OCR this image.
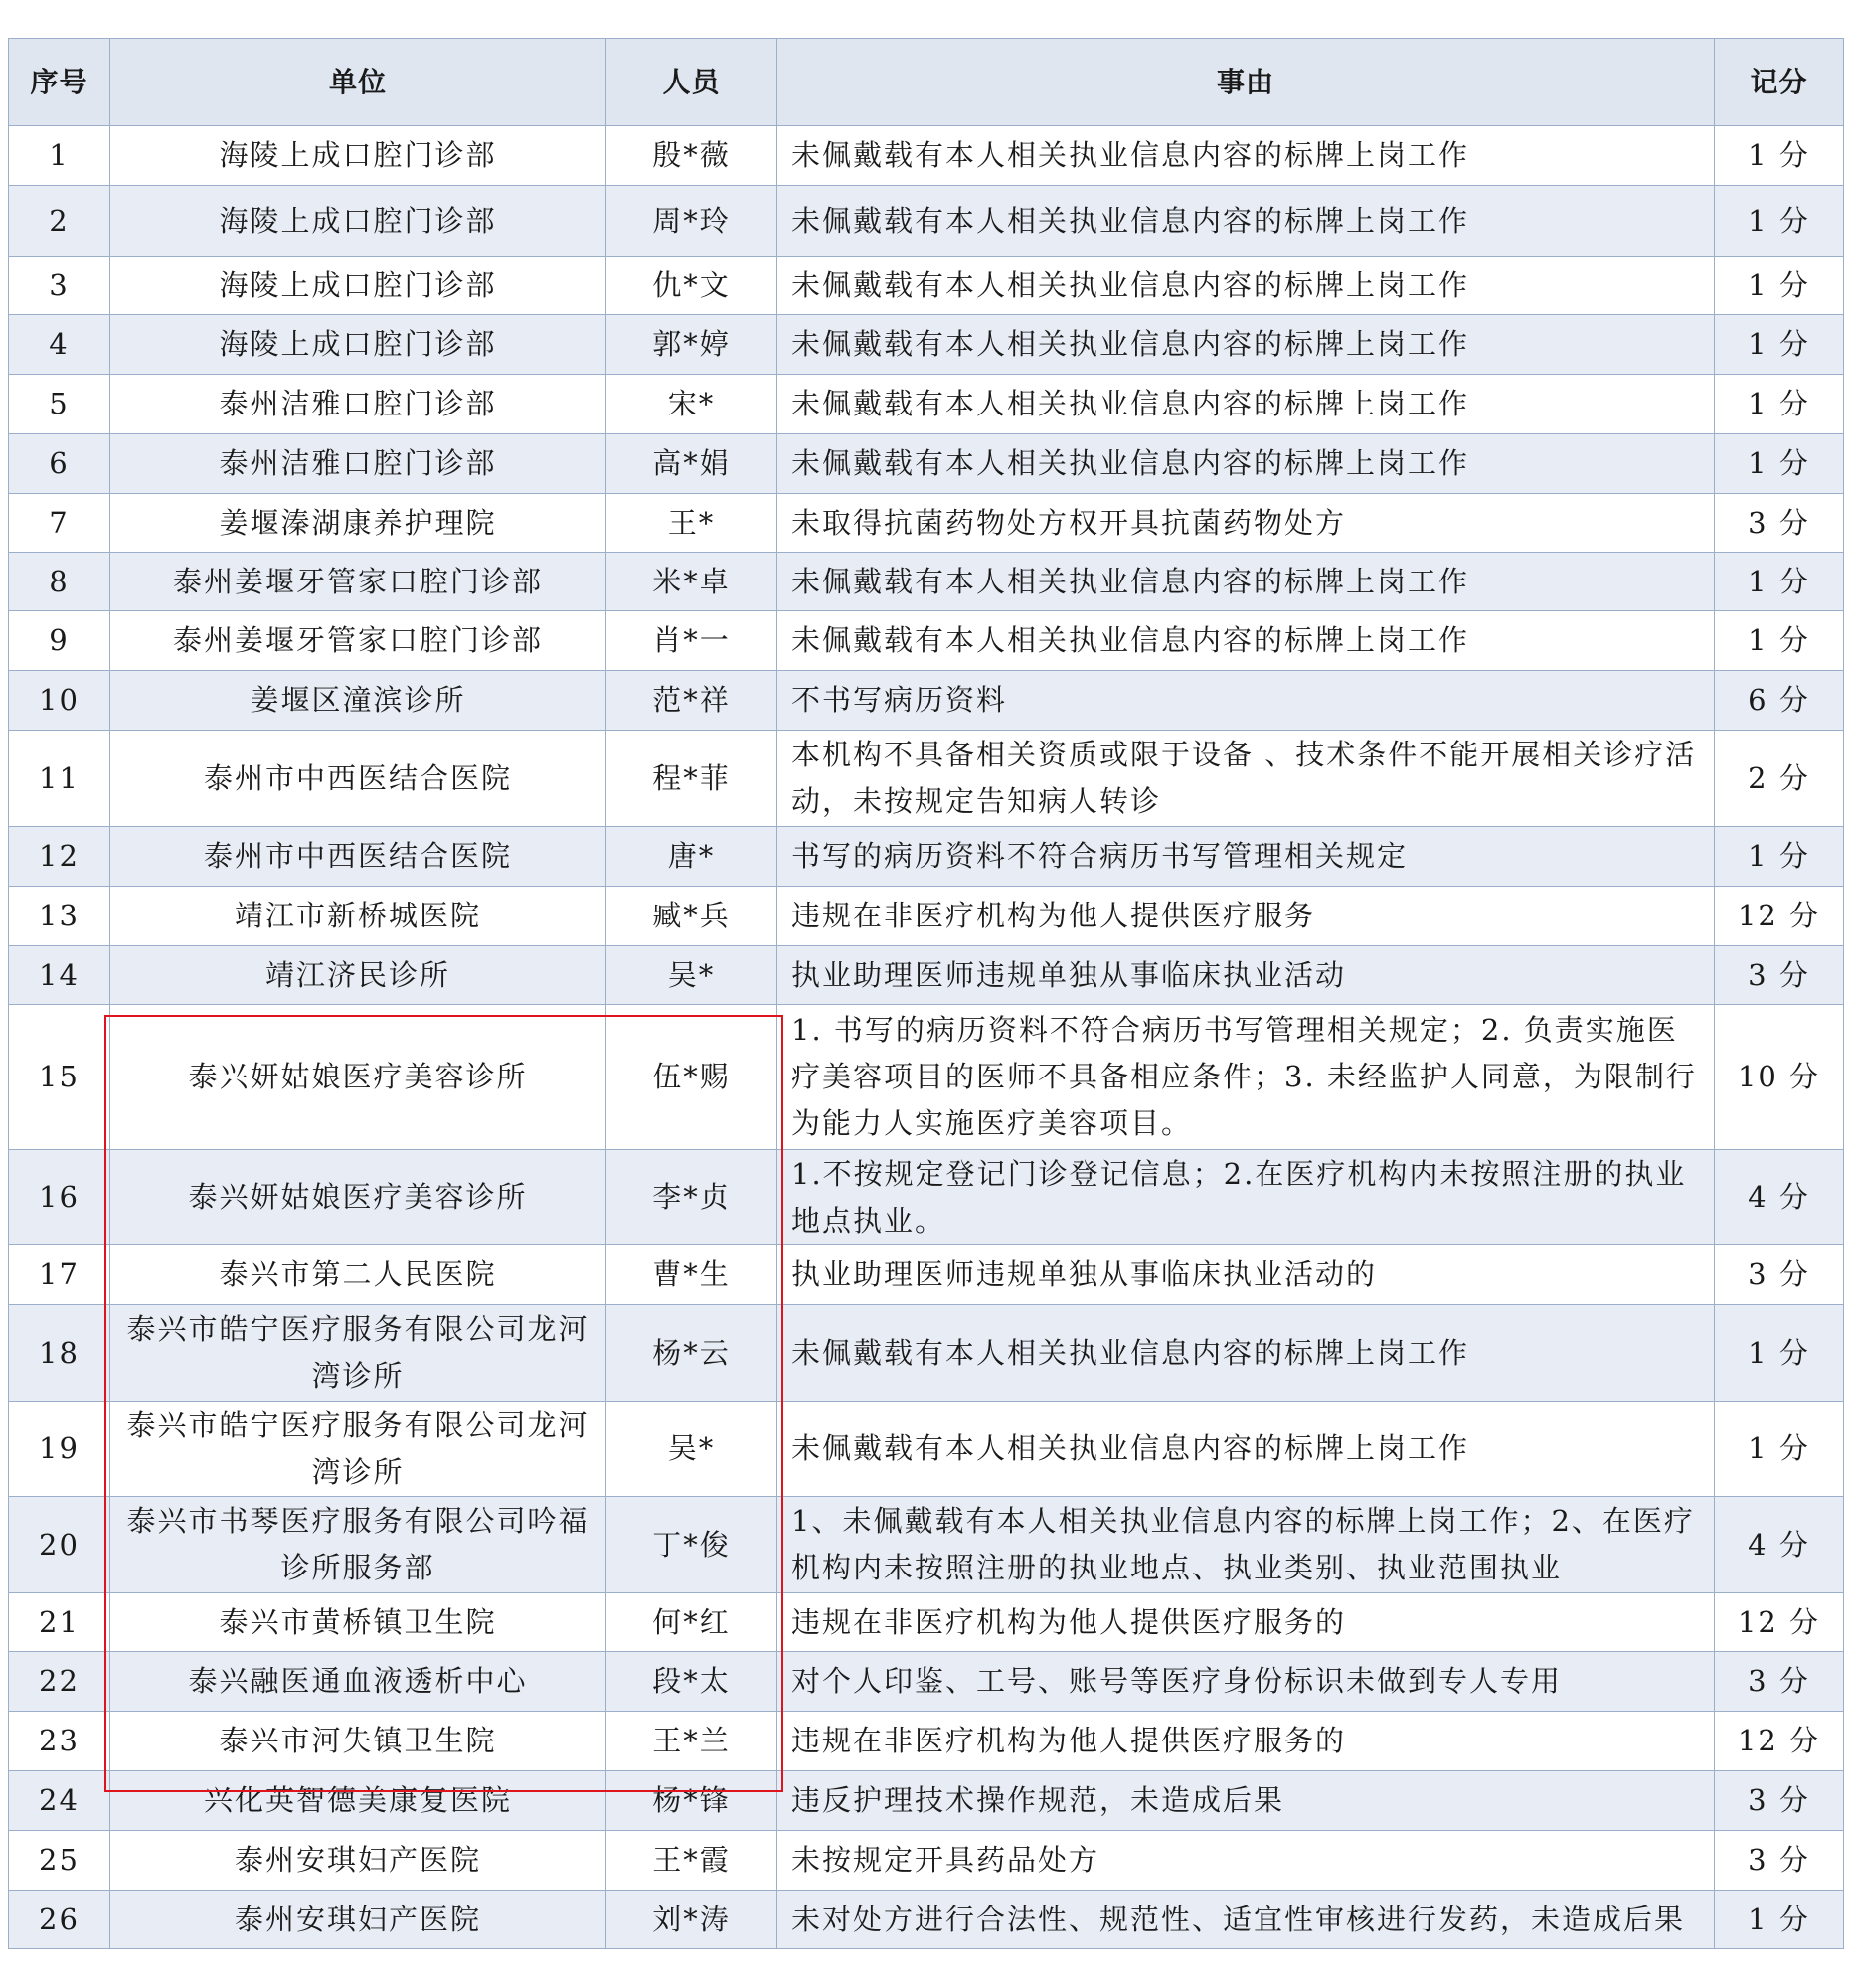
序号	单位	人员	事由	记分
1	海陵上成口腔门诊部	殷*薇	未佩戴载有本人相关执业信息内容的标牌上岗工作	1 分
2	海陵上成口腔门诊部	周*玲	未佩戴载有本人相关执业信息内容的标牌上岗工作	1 分
3	海陵上成口腔门诊部	仇*文	未佩戴载有本人相关执业信息内容的标牌上岗工作	1 分
4	海陵上成口腔门诊部	郭*婷	未佩戴载有本人相关执业信息内容的标牌上岗工作	1 分
5	泰州洁雅口腔门诊部	宋*	未佩戴载有本人相关执业信息内容的标牌上岗工作	1 分
6	泰州洁雅口腔门诊部	高*娟	未佩戴载有本人相关执业信息内容的标牌上岗工作	1 分
7	姜堰溱湖康养护理院	王*	未取得抗菌药物处方权开具抗菌药物处方	3 分
8	泰州姜堰牙管家口腔门诊部	米*卓	未佩戴载有本人相关执业信息内容的标牌上岗工作	1 分
9	泰州姜堰牙管家口腔门诊部	肖*一	未佩戴载有本人相关执业信息内容的标牌上岗工作	1 分
10	姜堰区潼滨诊所	范*祥	不书写病历资料	6 分
11	泰州市中西医结合医院	程*菲	本机构不具备相关资质或限于设备 、技术条件不能开展相关诊疗活动，未按规定告知病人转诊	2 分
12	泰州市中西医结合医院	唐*	书写的病历资料不符合病历书写管理相关规定	1 分
13	靖江市新桥城医院	臧*兵	违规在非医疗机构为他人提供医疗服务	12 分
14	靖江济民诊所	吴*	执业助理医师违规单独从事临床执业活动	3 分
15	泰兴妍姑娘医疗美容诊所	伍*赐	1. 书写的病历资料不符合病历书写管理相关规定；2. 负责实施医疗美容项目的医师不具备相应条件；3. 未经监护人同意，为限制行为能力人实施医疗美容项目。	10 分
16	泰兴妍姑娘医疗美容诊所	李*贞	1.不按规定登记门诊登记信息；2.在医疗机构内未按照注册的执业地点执业。	4 分
17	泰兴市第二人民医院	曹*生	执业助理医师违规单独从事临床执业活动的	3 分
18	泰兴市皓宁医疗服务有限公司龙河湾诊所	杨*云	未佩戴载有本人相关执业信息内容的标牌上岗工作	1 分
19	泰兴市皓宁医疗服务有限公司龙河湾诊所	吴*	未佩戴载有本人相关执业信息内容的标牌上岗工作	1 分
20	泰兴市书琴医疗服务有限公司吟福诊所服务部	丁*俊	1、未佩戴载有本人相关执业信息内容的标牌上岗工作；2、在医疗机构内未按照注册的执业地点、执业类别、执业范围执业	4 分
21	泰兴市黄桥镇卫生院	何*红	违规在非医疗机构为他人提供医疗服务的	12 分
22	泰兴融医通血液透析中心	段*太	对个人印鉴、工号、账号等医疗身份标识未做到专人专用	3 分
23	泰兴市河失镇卫生院	王*兰	违规在非医疗机构为他人提供医疗服务的	12 分
24	兴化英智德美康复医院	杨*锋	违反护理技术操作规范，未造成后果	3 分
25	泰州安琪妇产医院	王*霞	未按规定开具药品处方	3 分
26	泰州安琪妇产医院	刘*涛	未对处方进行合法性、规范性、适宜性审核进行发药，未造成后果	1 分
